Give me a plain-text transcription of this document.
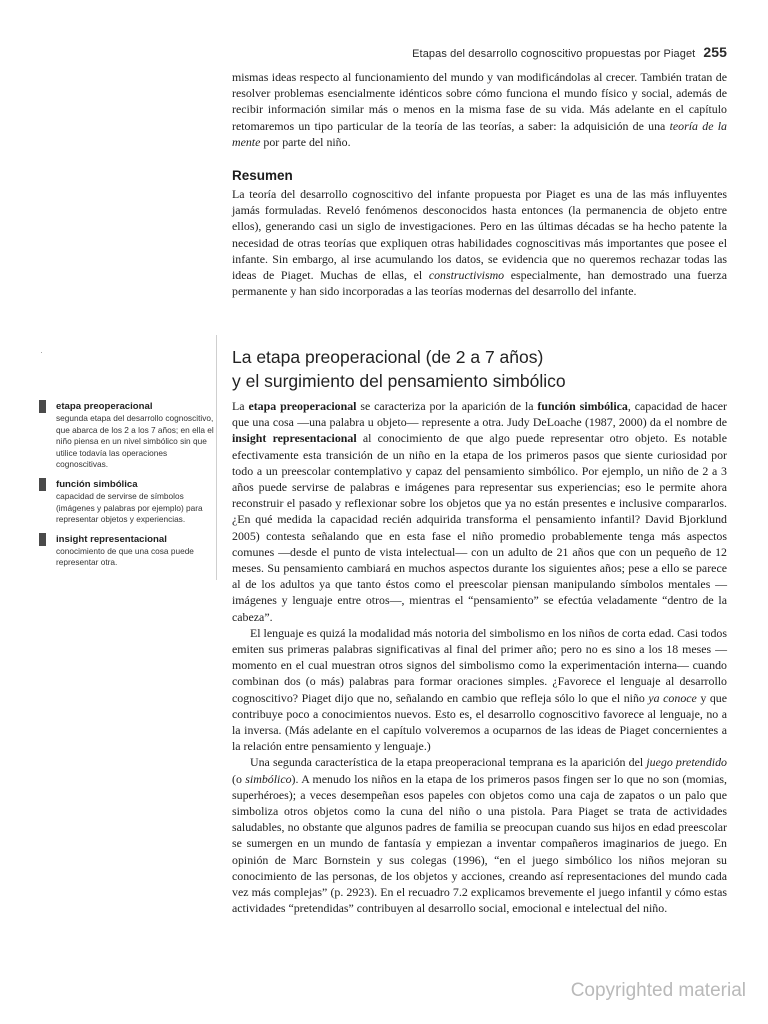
Etapas del desarrollo cognoscitivo propuestas por Piaget 255

mismas ideas respecto al funcionamiento del mundo y van modificándolas al crecer. También tratan de resolver problemas esencialmente idénticos sobre cómo funciona el mundo físico y social, además de recibir información similar más o menos en la misma fase de su vida. Más adelante en el capítulo retomaremos un tipo particular de la teoría de las teorías, a saber: la adquisición de una teoría de la mente por parte del niño.

Resumen

La teoría del desarrollo cognoscitivo del infante propuesta por Piaget es una de las más influyentes jamás formuladas. Reveló fenómenos desconocidos hasta entonces (la permanencia de objeto entre ellos), generando casi un siglo de investigaciones. Pero en las últimas décadas se ha hecho patente la necesidad de otras teorías que expliquen otras habilidades cognoscitivas más importantes que posee el infante. Sin embargo, al irse acumulando los datos, se evidencia que no queremos rechazar todas las ideas de Piaget. Muchas de ellas, el constructivismo especialmente, han demostrado una fuerza permanente y han sido incorporadas a las teorías modernas del desarrollo del infante.

·	La etapa preoperacional (de 2 a 7 años)
y el surgimiento del pensamiento simbólico
etapa preoperacional
segunda etapa del desarrollo cognoscitivo, que abarca de los 2 a los 7 años; en ella el niño piensa en un nivel simbólico sin que utilice todavía las operaciones cognoscitivas.
función simbólica
capacidad de servirse de símbolos (imágenes y palabras por ejemplo) para representar objetos y experiencias.
insight representacional
conocimiento de que una cosa puede representar otra.

La etapa preoperacional se caracteriza por la aparición de la función simbólica, capacidad de hacer que una cosa —una palabra u objeto— represente a otra. Judy DeLoache (1987, 2000) da el nombre de insight representacional al conocimiento de que algo puede representar otro objeto. Es notable efectivamente esta transición de un niño en la etapa de los primeros pasos que siente curiosidad por todo a un preescolar contemplativo y capaz del pensamiento simbólico. Por ejemplo, un niño de 2 a 3 años puede servirse de palabras e imágenes para representar sus experiencias; eso le permite ahora reconstruir el pasado y reflexionar sobre los objetos que ya no están presentes e inclusive compararlos. ¿En qué medida la capacidad recién adquirida transforma el pensamiento infantil? David Bjorklund 2005) contesta señalando que en esta fase el niño promedio probablemente tenga más aspectos comunes —desde el punto de vista intelectual— con un adulto de 21 años que con un pequeño de 12 meses. Su pensamiento cambiará en muchos aspectos durante los siguientes años; pese a ello se parece al de los adultos ya que tanto éstos como el preescolar piensan manipulando símbolos mentales —imágenes y lenguaje entre otros—, mientras el “pensamiento” se efectúa veladamente “dentro de la cabeza”.

El lenguaje es quizá la modalidad más notoria del simbolismo en los niños de corta edad. Casi todos emiten sus primeras palabras significativas al final del primer año; pero no es sino a los 18 meses —momento en el cual muestran otros signos del simbolismo como la experimentación interna— cuando combinan dos (o más) palabras para formar oraciones simples. ¿Favorece el lenguaje al desarrollo cognoscitivo? Piaget dijo que no, señalando en cambio que refleja sólo lo que el niño ya conoce y que contribuye poco a conocimientos nuevos. Esto es, el desarrollo cognoscitivo favorece al lenguaje, no a la inversa. (Más adelante en el capítulo volveremos a ocuparnos de las ideas de Piaget concernientes a la relación entre pensamiento y lenguaje.)

Una segunda característica de la etapa preoperacional temprana es la aparición del juego pretendido (o simbólico). A menudo los niños en la etapa de los primeros pasos fingen ser lo que no son (momias, superhéroes); a veces desempeñan esos papeles con objetos como una caja de zapatos o un palo que simboliza otros objetos como la cuna del niño o una pistola. Para Piaget se trata de actividades saludables, no obstante que algunos padres de familia se preocupan cuando sus hijos en edad preescolar se sumergen en un mundo de fantasía y empiezan a inventar compañeros imaginarios de juego. En opinión de Marc Bornstein y sus colegas (1996), “en el juego simbólico los niños mejoran su conocimiento de las personas, de los objetos y acciones, creando así representaciones del mundo cada vez más complejas” (p. 2923). En el recuadro 7.2 explicamos brevemente el juego infantil y cómo estas actividades “pretendidas” contribuyen al desarrollo social, emocional e intelectual del niño.

Copyrighted material
